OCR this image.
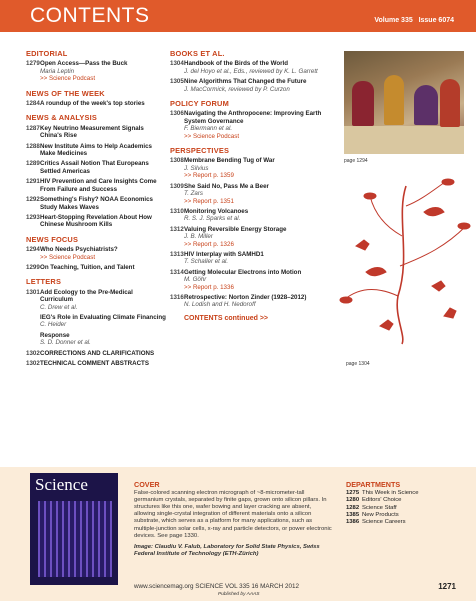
CONTENTS	Volume 335 Issue 6074
EDITORIAL
1279 Open Access—Pass the Buck
Maria Leptin
>> Science Podcast
NEWS OF THE WEEK
1284 A roundup of the week's top stories
NEWS & ANALYSIS
1287 Key Neutrino Measurement Signals China's Rise
1288 New Institute Aims to Help Academics Make Medicines
1289 Critics Assail Notion That Europeans Settled Americas
1291 HIV Prevention and Care Insights Come From Failure and Success
1292 Something's Fishy? NOAA Economics Study Makes Waves
1293 Heart-Stopping Revelation About How Chinese Mushroom Kills
NEWS FOCUS
1294 Who Needs Psychiatrists?
>> Science Podcast
1299 On Teaching, Tuition, and Talent
LETTERS
1301 Add Ecology to the Pre-Medical Curriculum
C. Drew et al.
IEG's Role in Evaluating Climate Financing
C. Heider
Response
S. D. Donner et al.
1302 CORRECTIONS AND CLARIFICATIONS
1302 TECHNICAL COMMENT ABSTRACTS
BOOKS ET AL.
1304 Handbook of the Birds of the World
J. del Hoyo et al., Eds., reviewed by K. L. Garrett
1305 Nine Algorithms That Changed the Future
J. MacCormick, reviewed by P. Curzon
POLICY FORUM
1306 Navigating the Anthropocene: Improving Earth System Governance
F. Biermann et al.
>> Science Podcast
PERSPECTIVES
1308 Membrane Bending Tug of War
J. Silvius
>> Report p. 1359
1309 She Said No, Pass Me a Beer
T. Zars
>> Report p. 1351
1310 Monitoring Volcanoes
R. S. J. Sparks et al.
1312 Valuing Reversible Energy Storage
J. B. Miller
>> Report p. 1326
1313 HIV Interplay with SAMHD1
T. Schaller et al.
1314 Getting Molecular Electrons into Motion
M. Göhr
>> Report p. 1336
1316 Retrospective: Norton Zinder (1928–2012)
N. Lodish and H. Nedoroff
CONTENTS continued >>
page 1294
page 1304
Science	COVER
False-colored scanning electron micrograph of ~8-micrometer-tall germanium crystals, separated by finite gaps, grown onto silicon pillars. In structures like this one, wafer bowing and layer cracking are absent, allowing single-crystal integration of different materials onto a silicon substrate, which serves as a platform for many applications, such as multiple-junction solar cells, x-ray and particle detectors, or power electronic devices. See page 1330.
Image: Claudiu V. Falub, Laboratory for Solid State Physics, Swiss Federal Institute of Technology (ETH-Zürich)
DEPARTMENTS
1275 This Week in Science
1280 Editors' Choice
1282 Science Staff
1385 New Products
1386 Science Careers
www.sciencemag.org SCIENCE VOL 335 16 MARCH 2012
Published by AAAS
1271
